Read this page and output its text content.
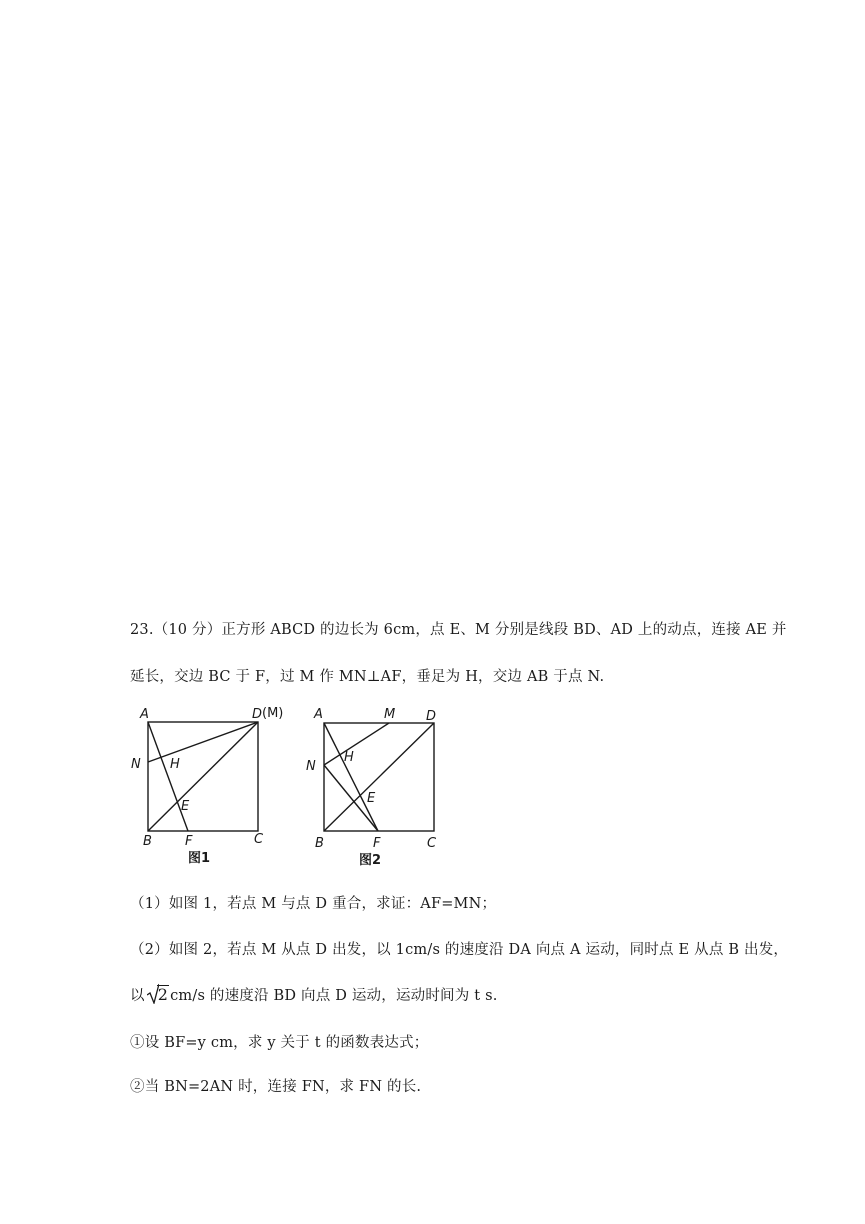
23.（10 分）正方形 ABCD 的边长为 6cm，点 E、M 分别是线段 BD、AD 上的动点，连接 AE 并
延长，交边 BC 于 F，过 M 作 MN⊥AF，垂足为 H，交边 AB 于点 N.
A	D (M)
N H
E
B	F	C
图1
A	M D
N
H
E
B	F	C
图2
（1）如图 1，若点 M 与点 D 重合，求证：AF=MN；
（2）如图 2，若点 M 从点 D 出发，以 1cm/s 的速度沿 DA 向点 A 运动，同时点 E 从点 B 出发，
以 2 cm/s 的速度沿 BD 向点 D 运动，运动时间为 t s.
①设 BF=y cm，求 y 关于 t 的函数表达式；
②当 BN=2AN 时，连接 FN，求 FN 的长.
